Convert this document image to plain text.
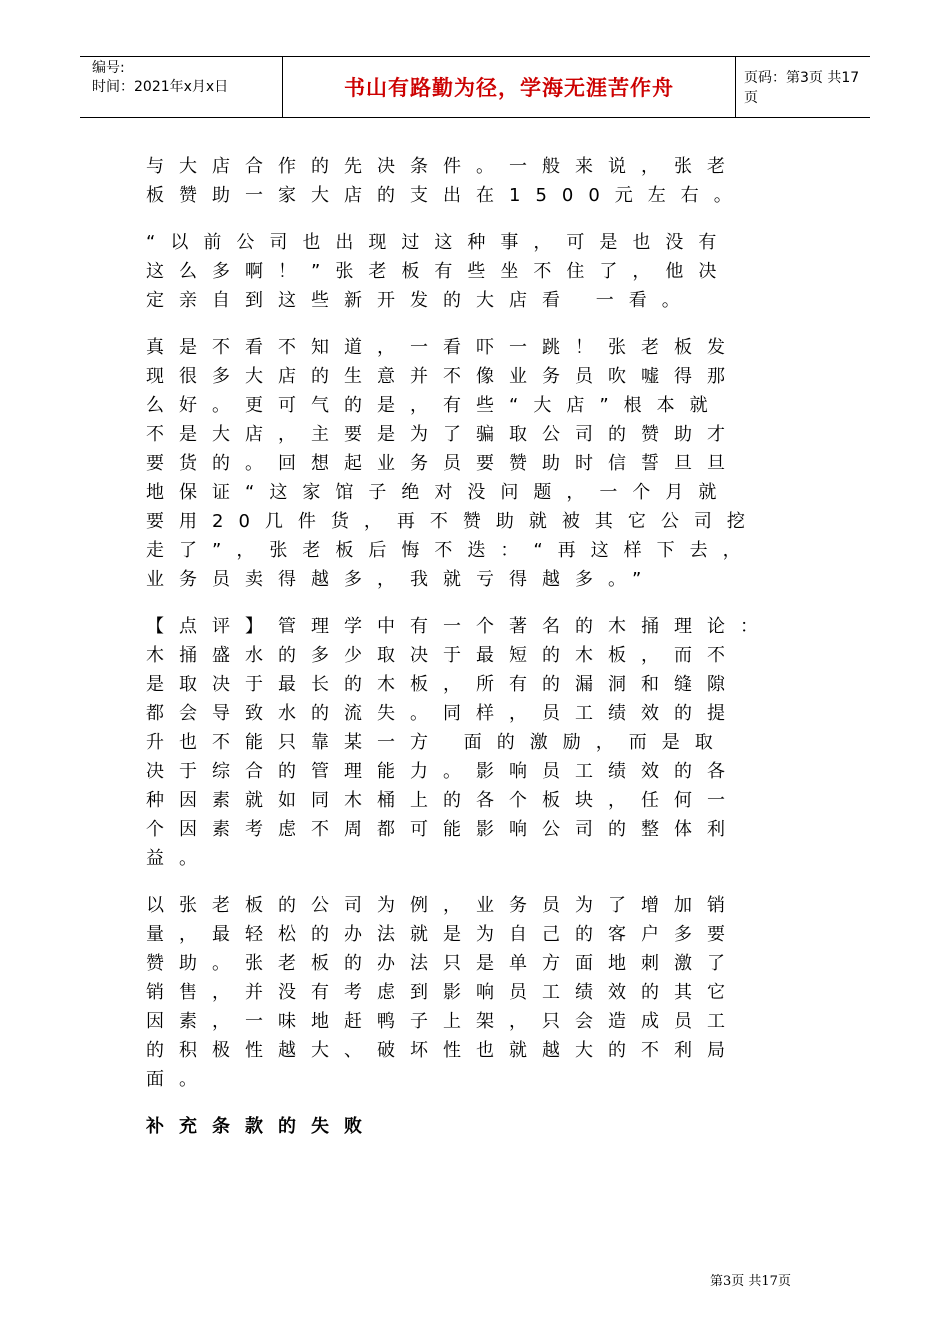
编号:
时间：2021年x月x日	书山有路勤为径，学海无涯苦作舟	页码：第3页 共17页
与大店合作的先决条件。一般来说，张老
板赞助一家大店的支出在1500元左右。
“以前公司也出现过这种事，可是也没有
这么多啊！”张老板有些坐不住了，他决
定亲自到这些新开发的大店看 一看。
真是不看不知道，一看吓一跳！张老板发
现很多大店的生意并不像业务员吹嘘得那
么好。更可气的是，有些“大店”根本就
不是大店，主要是为了骗取公司的赞助才
要货的。回想起业务员要赞助时信誓旦旦
地保证“这家馆子绝对没问题，一个月就
要用20几件货，再不赞助就被其它公司挖
走了”，张老板后悔不迭：“再这样下去，
业务员卖得越多，我就亏得越多。”
【点评】管理学中有一个著名的木捅理论：
木捅盛水的多少取决于最短的木板，而不
是取决于最长的木板，所有的漏洞和缝隙
都会导致水的流失。同样，员工绩效的提
升也不能只靠某一方 面的激励，而是取
决于综合的管理能力。影响员工绩效的各
种因素就如同木桶上的各个板块，任何一
个因素考虑不周都可能影响公司的整体利
益。
以张老板的公司为例，业务员为了增加销
量，最轻松的办法就是为自己的客户多要
赞助。张老板的办法只是单方面地刺激了
销售，并没有考虑到影响员工绩效的其它
因素，一味地赶鸭子上架，只会造成员工
的积极性越大、破坏性也就越大的不利局
面。
补充条款的失败
第3页 共17页
